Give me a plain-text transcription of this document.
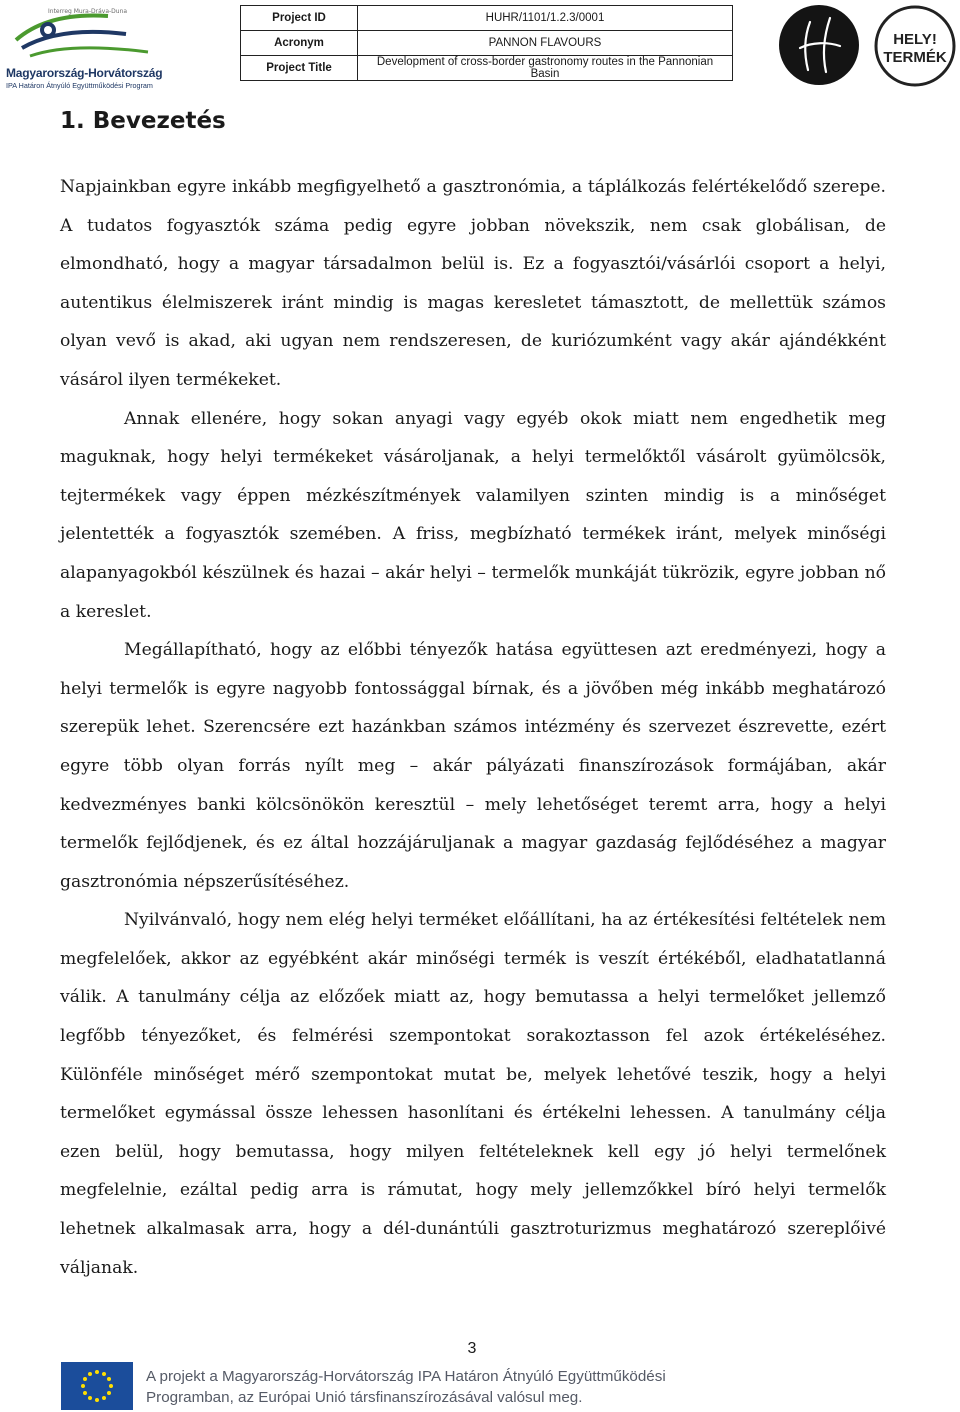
Interreg Mura-Dráva-Duna
Magyarország-Horvátország
IPA Határon Átnyúló Együttműködési Program
Project ID	HUHR/1101/1.2.3/0001
Acronym	PANNON FLAVOURS
Project Title	Development of cross-border gastronomy routes in the Pannonian Basin
HELY!
TERMÉK
1. Bevezetés

Napjainkban egyre inkább megfigyelhető a gasztronómia, a táplálkozás felértékelődő szerepe. A tudatos fogyasztók száma pedig egyre jobban növekszik, nem csak globálisan, de elmondható, hogy a magyar társadalmon belül is. Ez a fogyasztói/vásárlói csoport a helyi, autentikus élelmiszerek iránt mindig is magas keresletet támasztott, de mellettük számos olyan vevő is akad, aki ugyan nem rendszeresen, de kuriózumként vagy akár ajándékként vásárol ilyen termékeket.

Annak ellenére, hogy sokan anyagi vagy egyéb okok miatt nem engedhetik meg maguknak, hogy helyi termékeket vásároljanak, a helyi termelőktől vásárolt gyümölcsök, tejtermékek vagy éppen mézkészítmények valamilyen szinten mindig is a minőséget jelentették a fogyasztók szemében. A friss, megbízható termékek iránt, melyek minőségi alapanyagokból készülnek és hazai – akár helyi – termelők munkáját tükrözik, egyre jobban nő a kereslet.

Megállapítható, hogy az előbbi tényezők hatása együttesen azt eredményezi, hogy a helyi termelők is egyre nagyobb fontossággal bírnak, és a jövőben még inkább meghatározó szerepük lehet. Szerencsére ezt hazánkban számos intézmény és szervezet észrevette, ezért egyre több olyan forrás nyílt meg – akár pályázati finanszírozások formájában, akár kedvezményes banki kölcsönökön keresztül – mely lehetőséget teremt arra, hogy a helyi termelők fejlődjenek, és ez által hozzájáruljanak a magyar gazdaság fejlődéséhez a magyar gasztronómia népszerűsítéséhez.

Nyilvánvaló, hogy nem elég helyi terméket előállítani, ha az értékesítési feltételek nem megfelelőek, akkor az egyébként akár minőségi termék is veszít értékéből, eladhatatlanná válik. A tanulmány célja az előzőek miatt az, hogy bemutassa a helyi termelőket jellemző legfőbb tényezőket, és felmérési szempontokat sorakoztasson fel azok értékeléséhez. Különféle minőséget mérő szempontokat mutat be, melyek lehetővé teszik, hogy a helyi termelőket egymással össze lehessen hasonlítani és értékelni lehessen. A tanulmány célja ezen belül, hogy bemutassa, hogy milyen feltételeknek kell egy jó helyi termelőnek megfelelnie, ezáltal pedig arra is rámutat, hogy mely jellemzőkkel bíró helyi termelők lehetnek alkalmasak arra, hogy a dél-dunántúli gasztroturizmus meghatározó szereplőivé váljanak.

3
A projekt a Magyarország-Horvátország IPA Határon Átnyúló Együttműködési
Programban, az Európai Unió társfinanszírozásával valósul meg.
